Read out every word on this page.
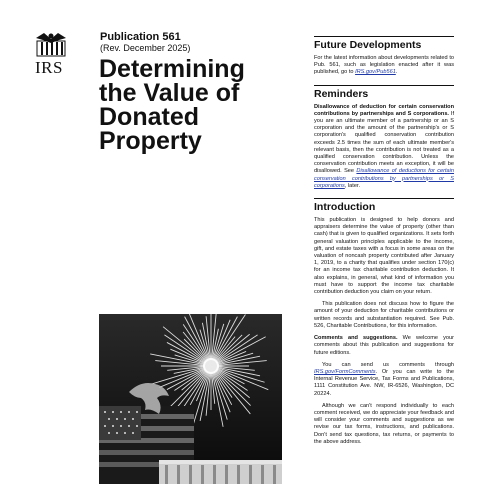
IRS
Publication 561
(Rev. December 2025)
Determining
the Value of
Donated
Property
Future Developments

For the latest information about developments related to Pub. 561, such as legislation enacted after it was published, go to IRS.gov/Pub561.

Reminders

Disallowance of deduction for certain conservation contributions by partnerships and S corporations. If you are an ultimate member of a partnership or an S corporation and the amount of the partnership's or S corporation's qualified conservation contribution exceeds 2.5 times the sum of each ultimate member's relevant basis, then the contribution is not treated as a qualified conservation contribution. Unless the conservation contribution meets an exception, it will be disallowed. See Disallowance of deductions for certain conservation contributions by partnerships or S corporations, later.

Introduction

This publication is designed to help donors and appraisers determine the value of property (other than cash) that is given to qualified organizations. It sets forth general valuation principles applicable to the income, gift, and estate taxes with a focus in some areas on the valuation of noncash property contributed after January 1, 2019, to a charity that qualifies under section 170(c) for an income tax charitable contribution deduction. It also explains, in general, what kind of information you must have to support the income tax charitable contribution deduction you claim on your return.

This publication does not discuss how to figure the amount of your deduction for charitable contributions or written records and substantiation required. See Pub. 526, Charitable Contributions, for this information.

Comments and suggestions. We welcome your comments about this publication and suggestions for future editions.

You can send us comments through IRS.gov/FormComments. Or you can write to the Internal Revenue Service, Tax Forms and Publications, 1111 Constitution Ave. NW, IR-6526, Washington, DC 20224.

Although we can't respond individually to each comment received, we do appreciate your feedback and will consider your comments and suggestions as we revise our tax forms, instructions, and publications. Don't send tax questions, tax returns, or payments to the above address.
